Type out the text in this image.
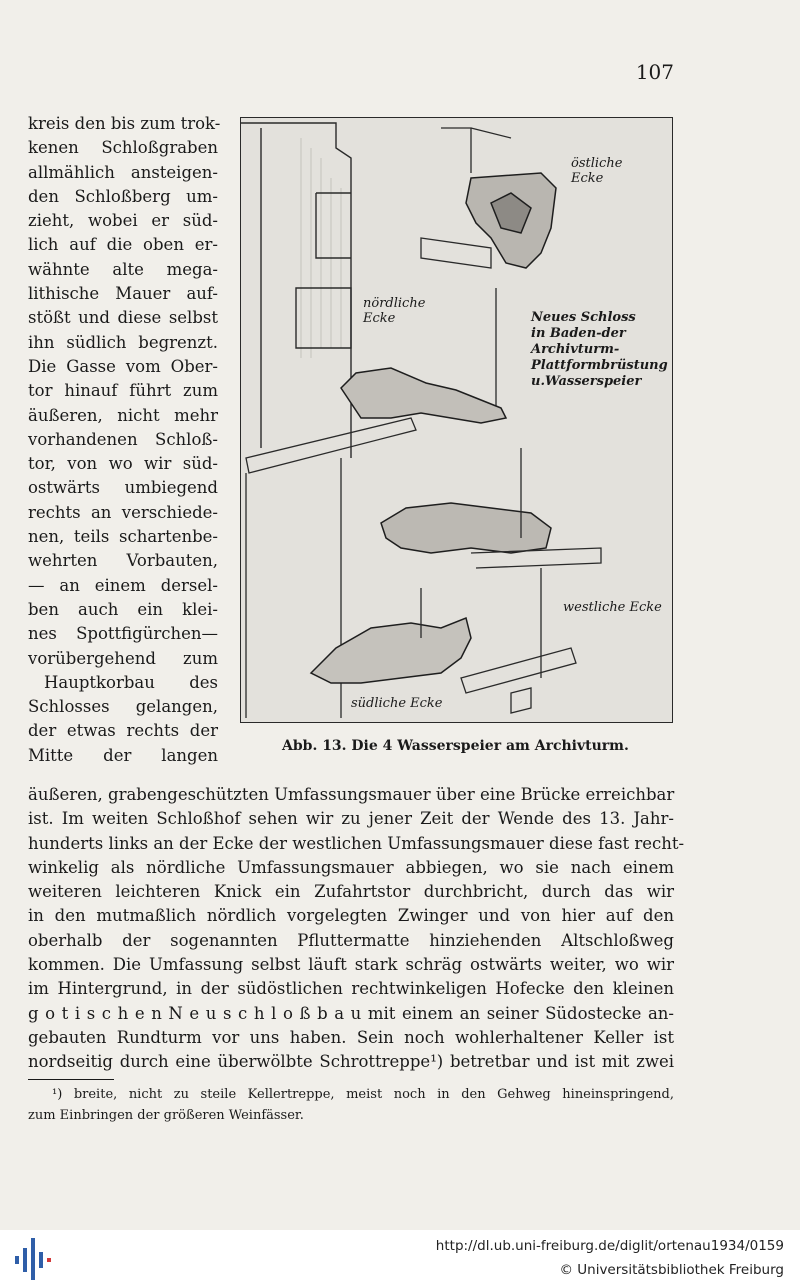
107
kreis den bis zum trok-
kenen Schloßgraben
allmählich ansteigen-
den Schloßberg um-
zieht, wobei er süd-
lich auf die oben er-
wähnte alte mega-
lithische Mauer auf-
stößt und diese selbst
ihn südlich begrenzt.
Die Gasse vom Ober-
tor hinauf führt zum
äußeren, nicht mehr
vorhandenen Schloß-
tor, von wo wir süd-
ostwärts umbiegend
rechts an verschiede-
nen, teils schartenbe-
wehrten Vorbauten,
— an einem dersel-
ben auch ein klei-
nes Spottfigürchen—
vorübergehend zum
Hauptkorbau des
Schlosses gelangen,
der etwas rechts der
Mitte der langen
östliche Ecke
nördliche Ecke	Neues Schloss in Baden-der Archivturm-Plattformbrüstung u.Wasserspeier
westliche Ecke
südliche Ecke
Abb. 13. Die 4 Wasserspeier am Archivturm.
äußeren, grabengeschützten Umfassungsmauer über eine Brücke erreichbar
ist. Im weiten Schloßhof sehen wir zu jener Zeit der Wende des 13. Jahr-
hunderts links an der Ecke der westlichen Umfassungsmauer diese fast recht-
winkelig als nördliche Umfassungsmauer abbiegen, wo sie nach einem
weiteren leichteren Knick ein Zufahrtstor durchbricht, durch das wir
in den mutmaßlich nördlich vorgelegten Zwinger und von hier auf den
oberhalb der sogenannten Pfluttermatte hinziehenden Altschloßweg
kommen. Die Umfassung selbst läuft stark schräg ostwärts weiter, wo wir
im Hintergrund, in der südöstlichen rechtwinkeligen Hofecke den kleinen
g o t i s c h e n N e u s c h l o ß b a u mit einem an seiner Südostecke an-
gebauten Rundturm vor uns haben. Sein noch wohlerhaltener Keller ist
nordseitig durch eine überwölbte Schrottreppe¹) betretbar und ist mit zwei
¹) breite, nicht zu steile Kellertreppe, meist noch in den Gehweg hineinspringend,
zum Einbringen der größeren Weinfässer.
http://dl.ub.uni-freiburg.de/diglit/ortenau1934/0159
© Universitätsbibliothek Freiburg
